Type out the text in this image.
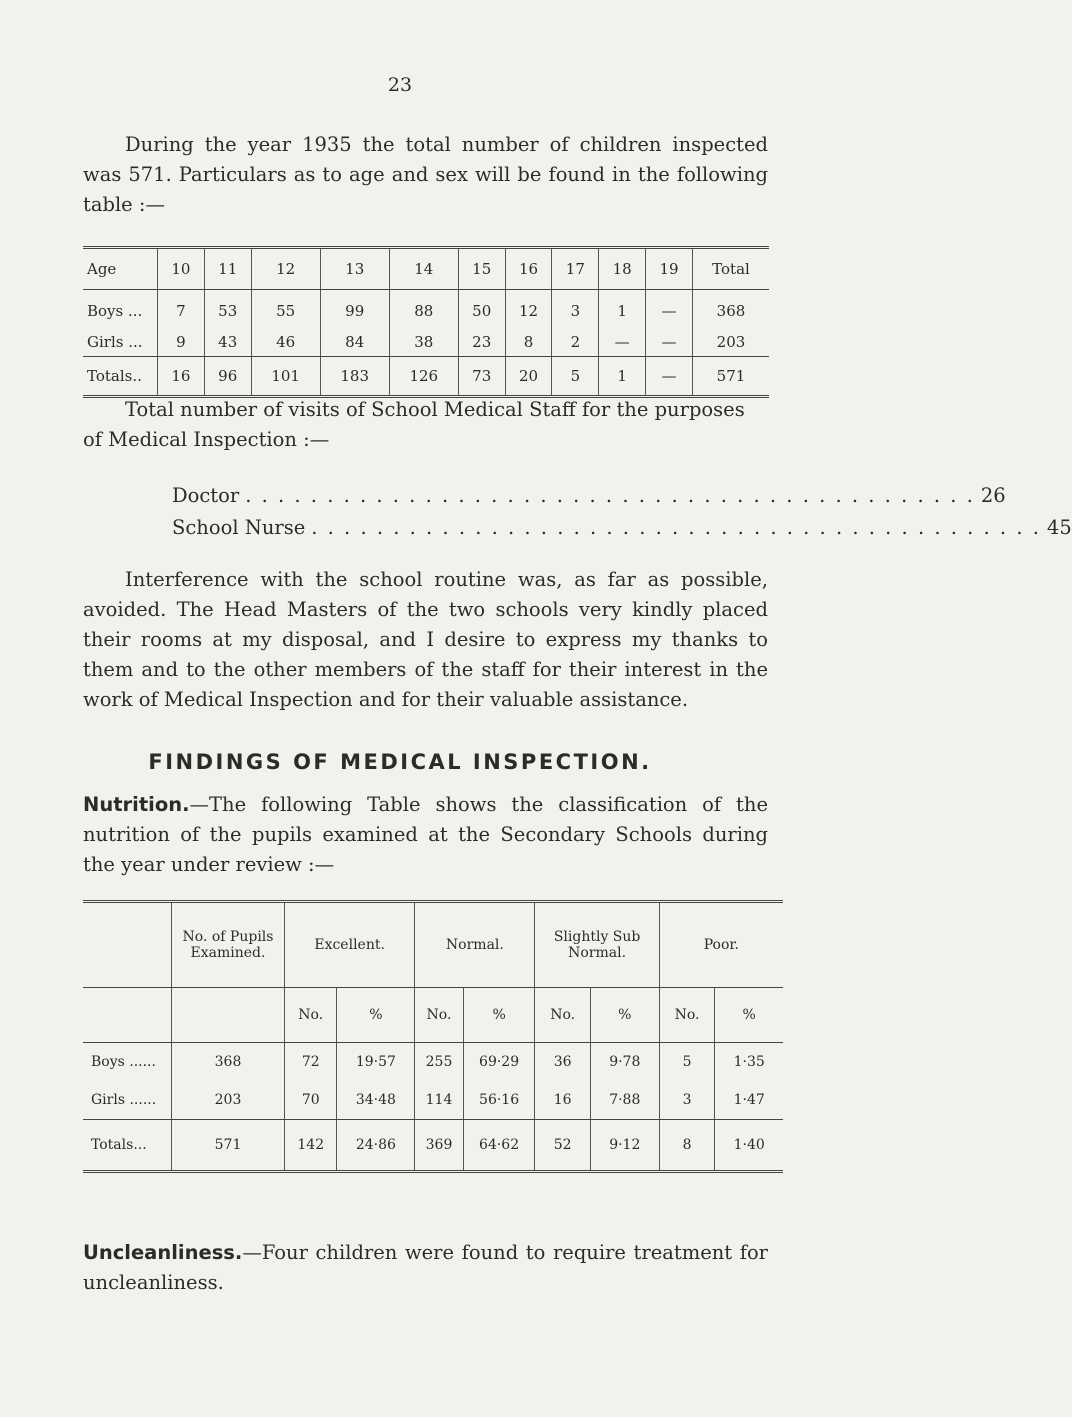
23
During the year 1935 the total number of children inspected was 571. Particulars as to age and sex will be found in the following table :—
Age	10	11	12	13	14	15	16	17	18	19	Total
Boys ...	7	53	55	99	88	50	12	3	1	—	368
Girls ...	9	43	46	84	38	23	8	2	—	—	203
Totals..	16	96	101	183	126	73	20	5	1	—	571
Total number of visits of School Medical Staff for the purposes of Medical Inspection :—
Doctor . . . . . . . . . . . . . . . . . . . . . . . . . . . . . . . . . . . . . . . . . . . . . 26
School Nurse . . . . . . . . . . . . . . . . . . . . . . . . . . . . . . . . . . . . . . . . . . . . . 45
Interference with the school routine was, as far as possible, avoided. The Head Masters of the two schools very kindly placed their rooms at my disposal, and I desire to express my thanks to them and to the other members of the staff for their interest in the work of Medical Inspection and for their valuable assistance.
FINDINGS OF MEDICAL INSPECTION.
Nutrition.—The following Table shows the classification of the nutrition of the pupils examined at the Secondary Schools during the year under review :—
	No. of Pupils Examined.	Excellent.		Normal.		Slightly Sub Normal.		Poor.	
		No.	%	No.	%	No.	%	No.	%
Boys ......	368	72	19·57	255	69·29	36	9·78	5	1·35
Girls ......	203	70	34·48	114	56·16	16	7·88	3	1·47
Totals...	571	142	24·86	369	64·62	52	9·12	8	1·40
Uncleanliness.—Four children were found to require treatment for uncleanliness.
